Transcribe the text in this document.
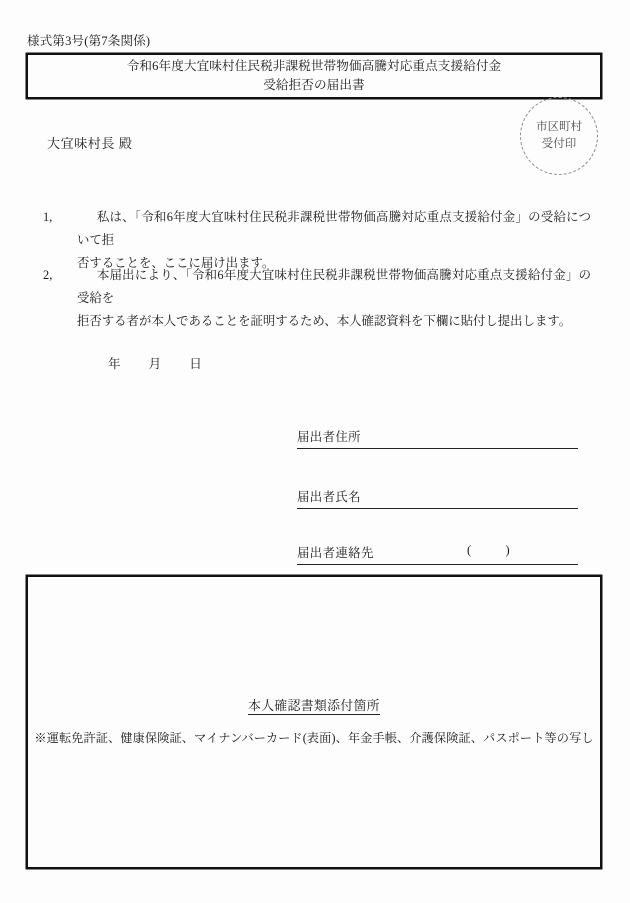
様式第3号(第7条関係)
令和6年度大宜味村住民税非課税世帯物価高騰対応重点支援給付金
受給拒否の届出書
市区町村
受付印
大宜味村長 殿
1,	私は、「令和6年度大宜味村住民税非課税世帯物価高騰対応重点支援給付金」の受給について拒
否することを、ここに届け出ます。
2,	本届出により、「令和6年度大宜味村住民税非課税世帯物価高騰対応重点支援給付金」の受給を
拒否する者が本人であることを証明するため、本人確認資料を下欄に貼付し提出します。
年 月 日
届出者住所
届出者氏名
届出者連絡先	(	)
本人確認書類添付箇所
※運転免許証、健康保険証、マイナンバーカード(表面)、年金手帳、介護保険証、パスポート等の写し
